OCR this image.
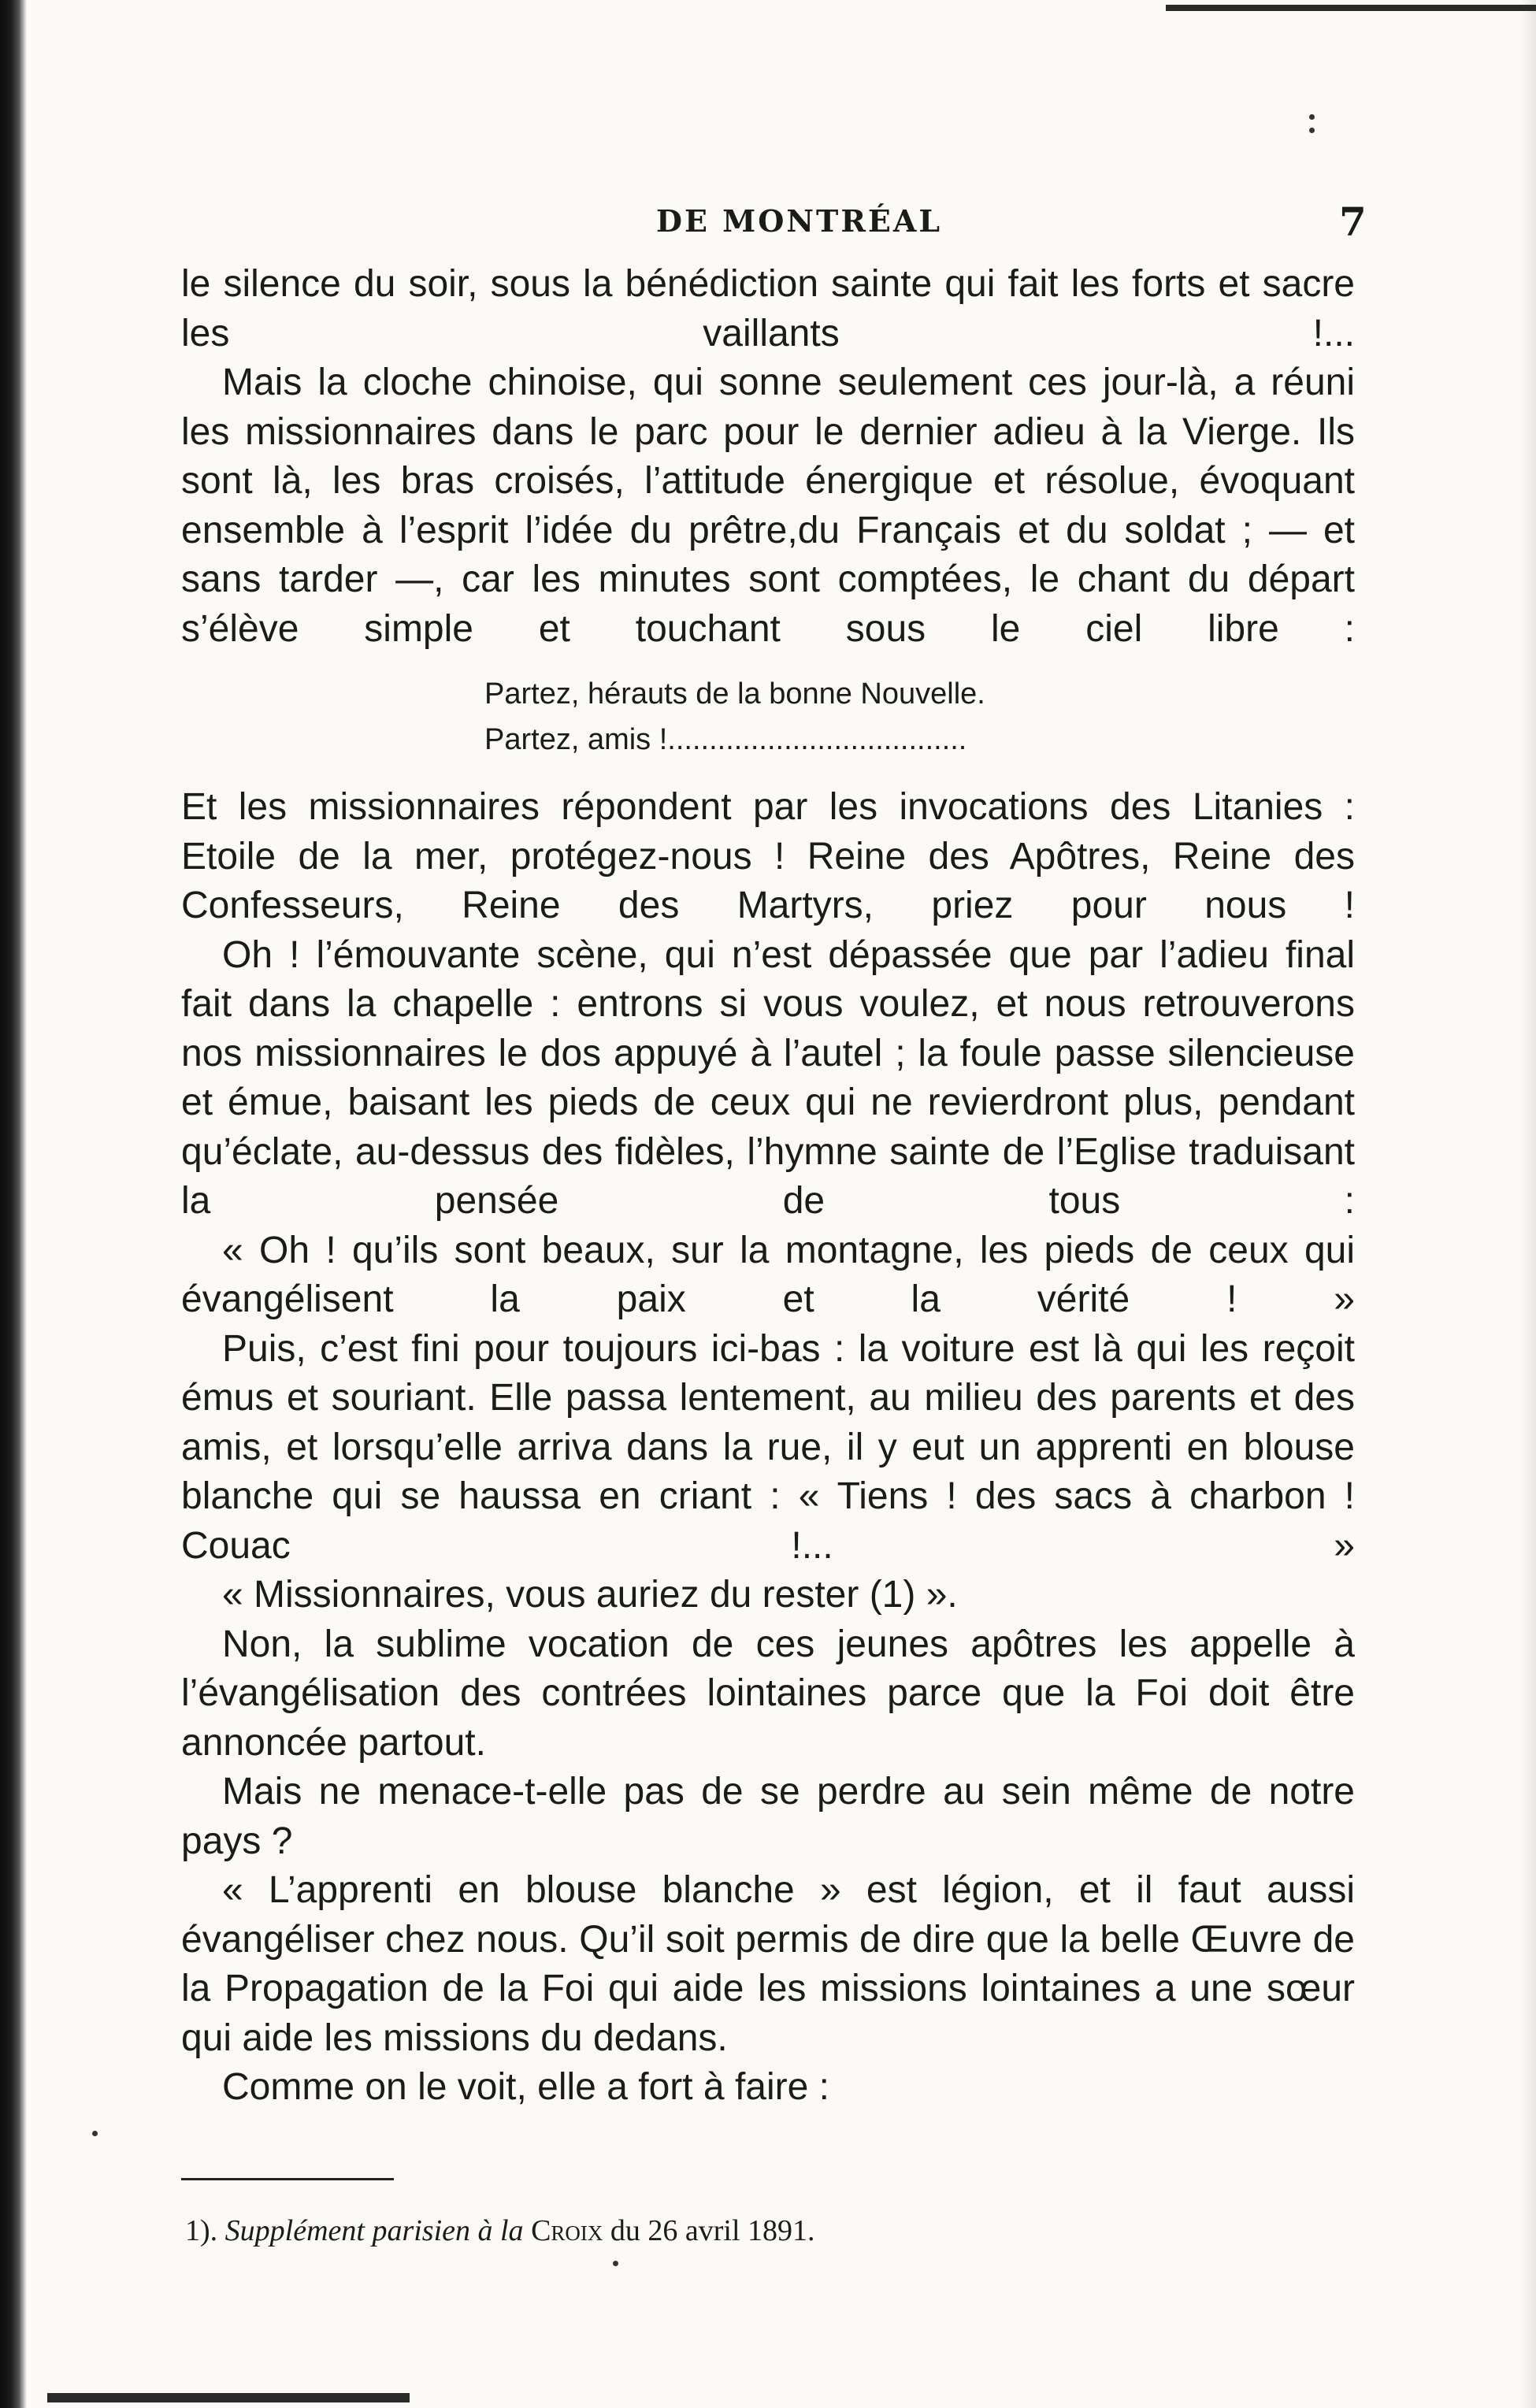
DE MONTRÉAL	7

le silence du soir, sous la bénédiction sainte qui fait les forts et sacre les vaillants !...

Mais la cloche chinoise, qui sonne seulement ces jour-là, a réuni les missionnaires dans le parc pour le dernier adieu à la Vierge. Ils sont là, les bras croisés, l’attitude énergique et résolue, évoquant ensemble à l’esprit l’idée du prêtre,du Français et du soldat ; — et sans tarder —, car les minutes sont comptées, le chant du départ s’élève simple et touchant sous le ciel libre :

Partez, hérauts de la bonne Nouvelle.
Partez, amis !....................................

Et les missionnaires répondent par les invocations des Litanies : Etoile de la mer, protégez-nous ! Reine des Apôtres, Reine des Confesseurs, Reine des Martyrs, priez pour nous !

Oh ! l’émouvante scène, qui n’est dépassée que par l’adieu final fait dans la chapelle : entrons si vous voulez, et nous retrouverons nos missionnaires le dos appuyé à l’autel ; la foule passe silencieuse et émue, baisant les pieds de ceux qui ne revierdront plus, pendant qu’éclate, au-dessus des fidèles, l’hymne sainte de l’Eglise traduisant la pensée de tous :

« Oh ! qu’ils sont beaux, sur la montagne, les pieds de ceux qui évangélisent la paix et la vérité ! »

Puis, c’est fini pour toujours ici-bas : la voiture est là qui les reçoit émus et souriant. Elle passa lentement, au milieu des parents et des amis, et lorsqu’elle arriva dans la rue, il y eut un apprenti en blouse blanche qui se haussa en criant : « Tiens ! des sacs à charbon ! Couac !... »

« Missionnaires, vous auriez du rester (1) ».

Non, la sublime vocation de ces jeunes apôtres les appelle à l’évangélisation des contrées lointaines parce que la Foi doit être annoncée partout.

Mais ne menace-t-elle pas de se perdre au sein même de notre pays ?

« L’apprenti en blouse blanche » est légion, et il faut aussi évangéliser chez nous. Qu’il soit permis de dire que la belle Œuvre de la Propagation de la Foi qui aide les missions lointaines a une sœur qui aide les missions du dedans.

Comme on le voit, elle a fort à faire :

1). Supplément parisien à la Croix du 26 avril 1891.
